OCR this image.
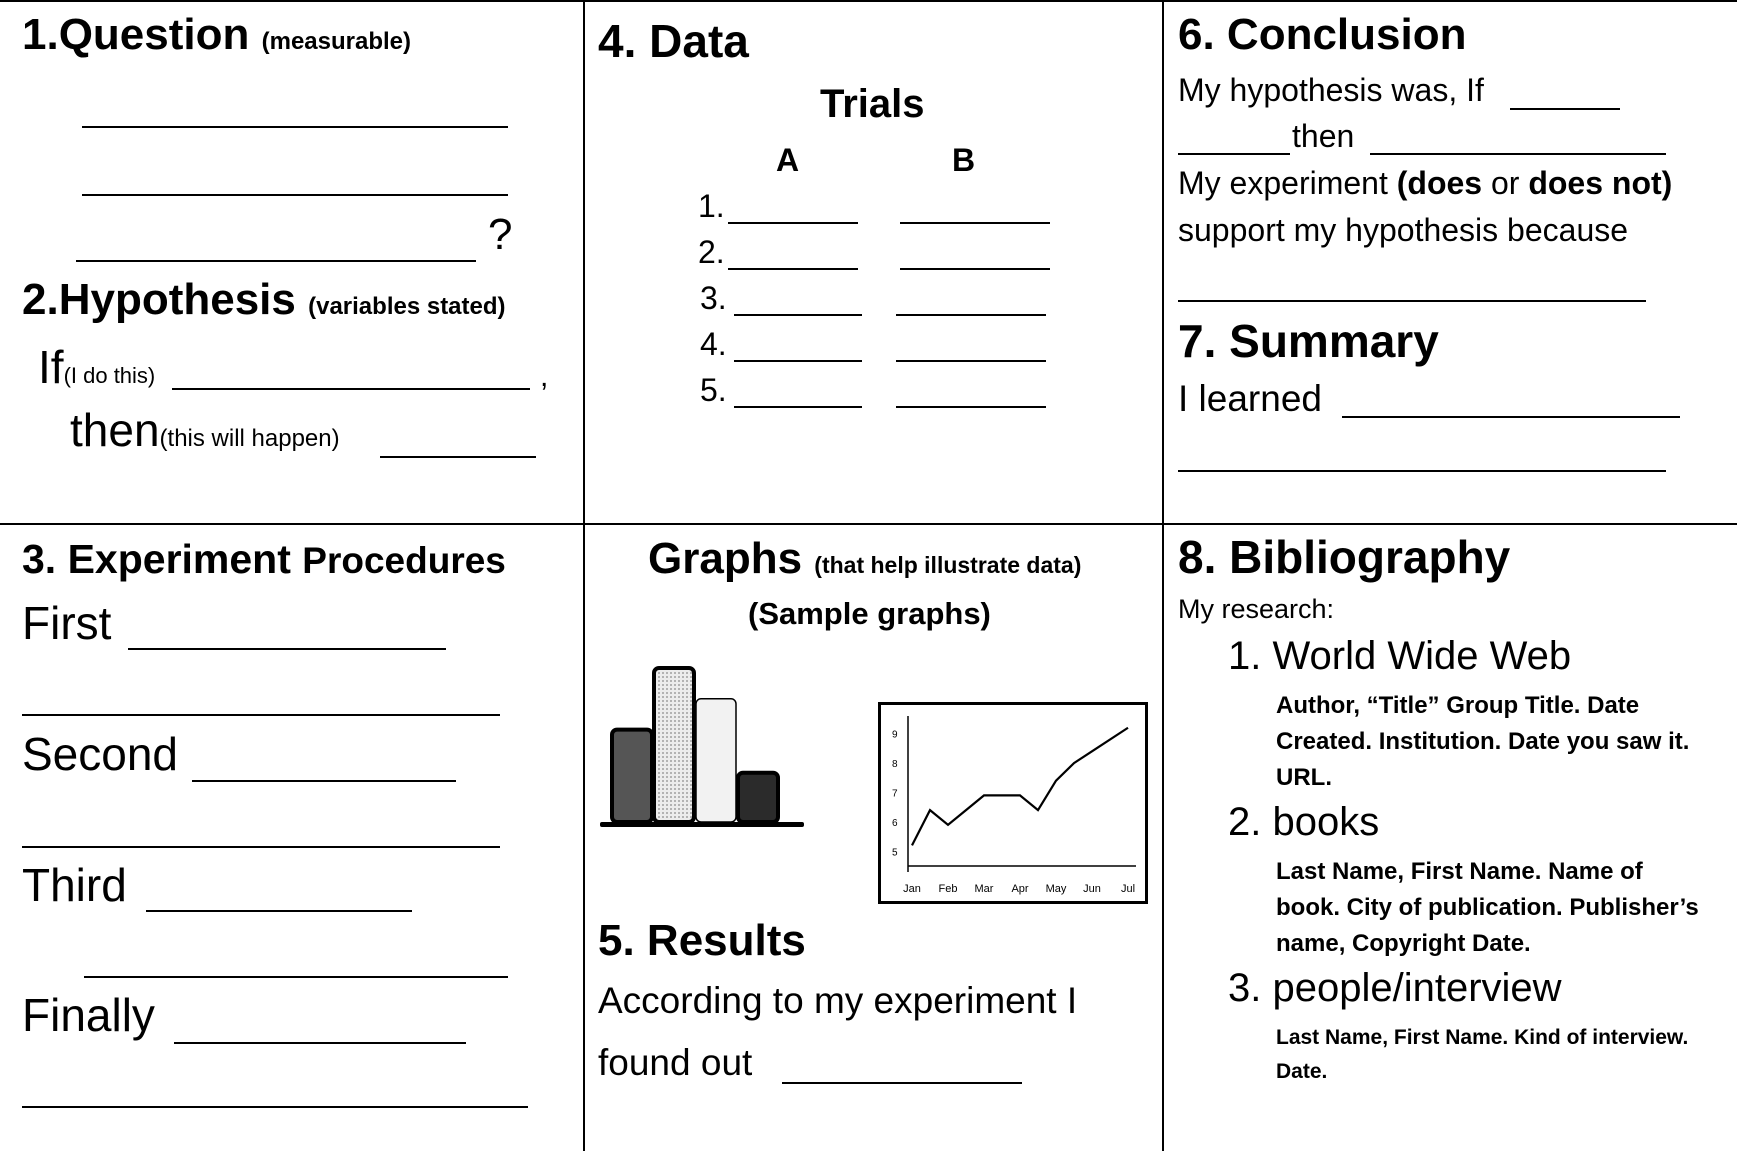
1.Question (measurable)
?
2.Hypothesis (variables stated)
If(I do this)	,
then(this will happen)
3. Experiment Procedures
First
Second
Third
Finally
4. Data
Trials
A	B
1.
2.
3.
4.
5.
Graphs (that help illustrate data)
(Sample graphs)
Jan Feb Mar Apr May Jun Jul
5
6
7
8
9
5. Results
According to my experiment I
found out
6. Conclusion
My hypothesis was, If
then
My experiment (does or does not)
support my hypothesis because
7. Summary
I learned
8. Bibliography
My research:
1. World Wide Web
Author, “Title” Group Title. Date
Created. Institution. Date you saw it.
URL.
2. books
Last Name, First Name. Name of
book. City of publication. Publisher’s
name, Copyright Date.
3. people/interview
Last Name, First Name. Kind of interview.
Date.
